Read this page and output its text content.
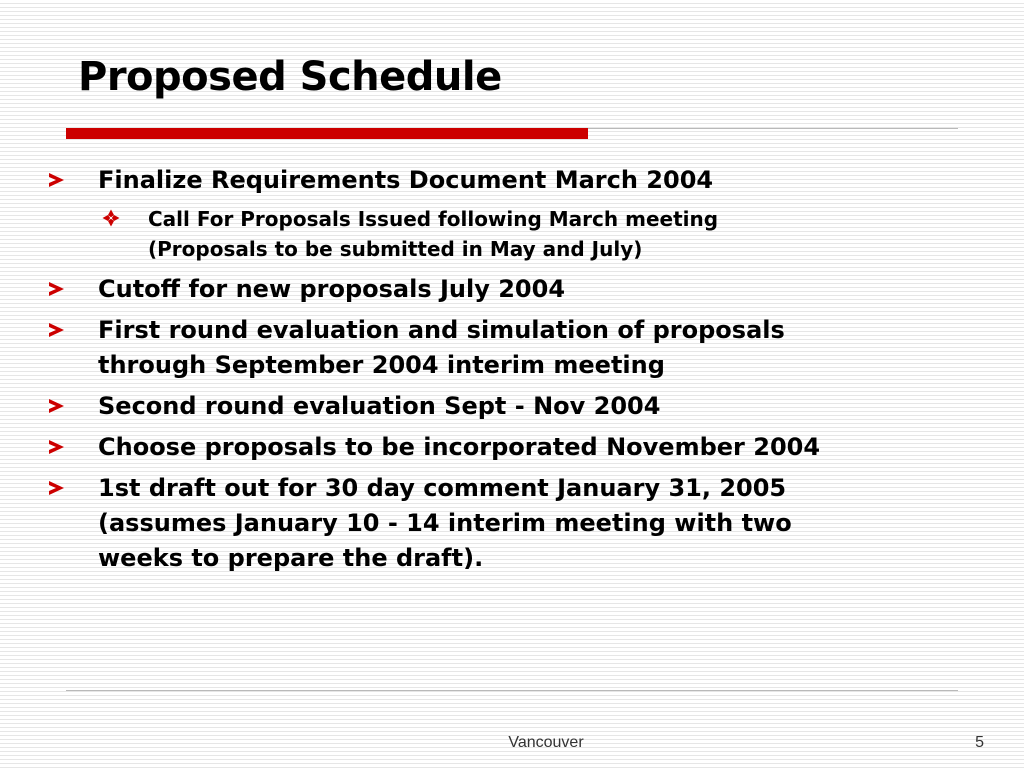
Proposed Schedule
Finalize Requirements Document March 2004
Call For Proposals Issued following March meeting
(Proposals to be submitted in May and July)
Cutoff for new proposals July 2004
First round evaluation and simulation of proposals
through September 2004 interim meeting
Second round evaluation Sept - Nov 2004
Choose proposals to be incorporated November 2004
1st draft out for 30 day comment January 31, 2005
(assumes January 10 - 14 interim meeting with two
weeks to prepare the draft).
Vancouver	5
